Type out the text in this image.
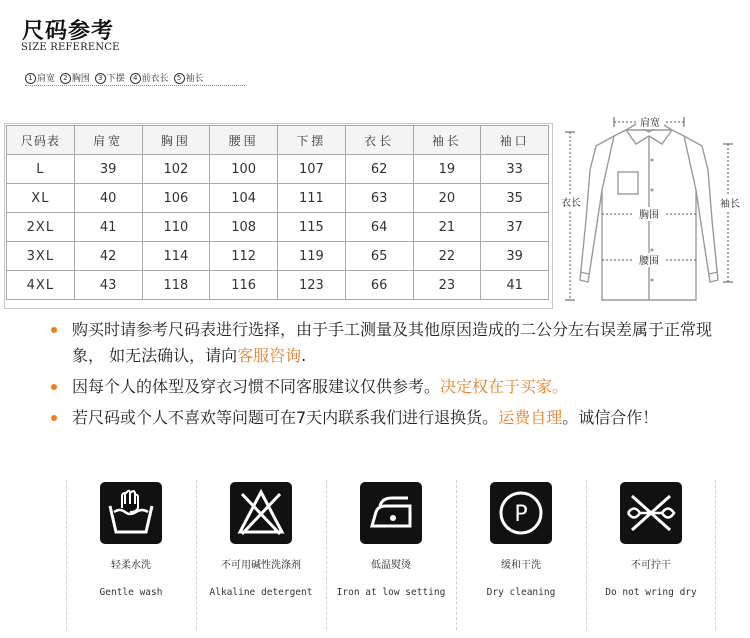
尺码参考
SIZE REFERENCE
1 肩宽 2 胸围 3 下摆 4 前衣长 5 袖长
尺码表	肩宽	胸围	腰围	下摆	衣长	袖长	袖口
L	39	102	100	107	62	19	33
XL	40	106	104	111	63	20	35
2XL	41	110	108	115	64	21	37
3XL	42	114	112	119	65	22	39
4XL	43	118	116	123	66	23	41
肩宽
胸围
腰围
衣长	袖长
购买时请参考尺码表进行选择，由于手工测量及其他原因造成的二公分左右误差属于正常现象， 如无法确认，请向客服咨询.
因每个人的体型及穿衣习惯不同客服建议仅供参考。决定权在于买家。
若尺码或个人不喜欢等问题可在7天内联系我们进行退换货。运费自理。诚信合作！
轻柔水洗
Gentle wash
不可用碱性洗涤剂
Alkaline detergent
低温熨烫
Iron at low setting
P
缓和干洗
Dry cleaning
不可拧干
Do not wring dry
